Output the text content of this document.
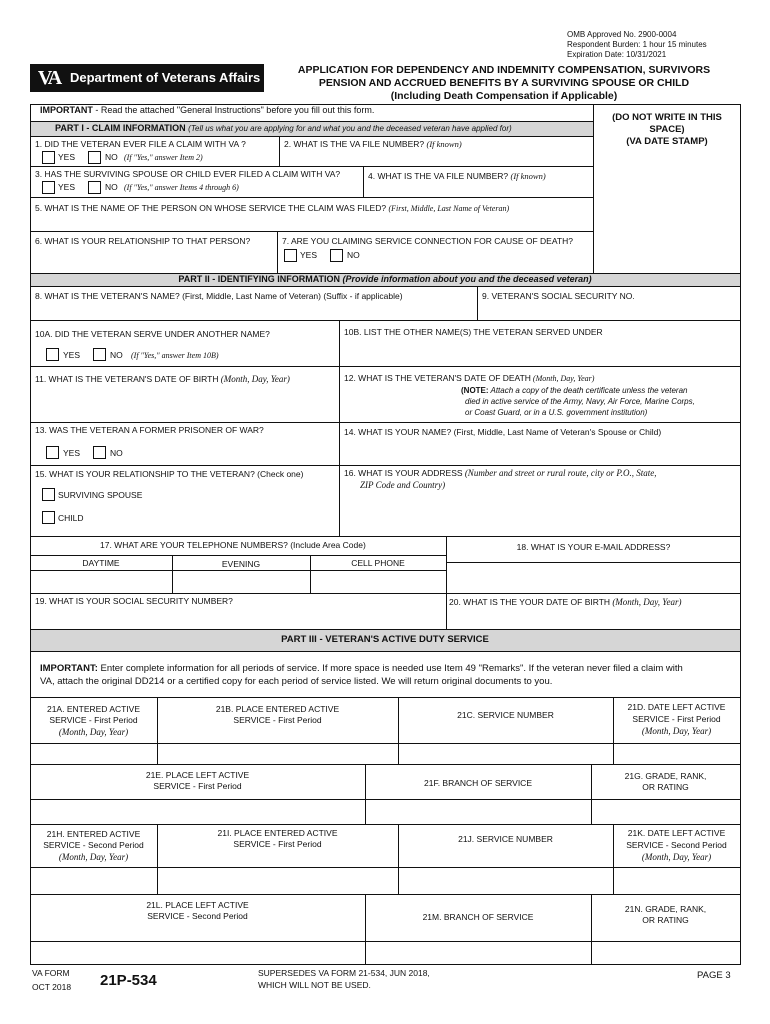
OMB Approved No. 2900-0004
Respondent Burden: 1 hour 15 minutes
Expiration Date: 10/31/2021
VA Department of Veterans Affairs	APPLICATION FOR DEPENDENCY AND INDEMNITY COMPENSATION, SURVIVORS
PENSION AND ACCRUED BENEFITS BY A SURVIVING SPOUSE OR CHILD
(Including Death Compensation if Applicable)
IMPORTANT - Read the attached "General Instructions" before you fill out this form.
(DO NOT WRITE IN THIS
SPACE)
(VA DATE STAMP)
PART I - CLAIM INFORMATION (Tell us what you are applying for and what you and the deceased veteran have applied for)
1. DID THE VETERAN EVER FILE A CLAIM WITH VA ?
YES	NO (If "Yes," answer Item 2)
2. WHAT IS THE VA FILE NUMBER? (If known)
3. HAS THE SURVIVING SPOUSE OR CHILD EVER FILED A CLAIM WITH VA?
YES	NO (If "Yes," answer Items 4 through 6)
4. WHAT IS THE VA FILE NUMBER? (If known)
5. WHAT IS THE NAME OF THE PERSON ON WHOSE SERVICE THE CLAIM WAS FILED? (First, Middle, Last Name of Veteran)
6. WHAT IS YOUR RELATIONSHIP TO THAT PERSON?	7. ARE YOU CLAIMING SERVICE CONNECTION FOR CAUSE OF DEATH?
YES	NO
PART II - IDENTIFYING INFORMATION (Provide information about you and the deceased veteran)
8. WHAT IS THE VETERAN'S NAME? (First, Middle, Last Name of Veteran) (Suffix - if applicable)	9. VETERAN'S SOCIAL SECURITY NO.
10A. DID THE VETERAN SERVE UNDER ANOTHER NAME?
YES	NO (If "Yes," answer Item 10B)
10B. LIST THE OTHER NAME(S) THE VETERAN SERVED UNDER
11. WHAT IS THE VETERAN'S DATE OF BIRTH (Month, Day, Year)	12. WHAT IS THE VETERAN'S DATE OF DEATH (Month, Day, Year)
(NOTE: Attach a copy of the death certificate unless the veteran
died in active service of the Army, Navy, Air Force, Marine Corps,
or Coast Guard, or in a U.S. government institution)
13. WAS THE VETERAN A FORMER PRISONER OF WAR?
YES	NO
14. WHAT IS YOUR NAME? (First, Middle, Last Name of Veteran's Spouse or Child)
15. WHAT IS YOUR RELATIONSHIP TO THE VETERAN? (Check one)
SURVIVING SPOUSE
CHILD
16. WHAT IS YOUR ADDRESS (Number and street or rural route, city or P.O., State,
ZIP Code and Country)
17. WHAT ARE YOUR TELEPHONE NUMBERS? (Include Area Code)
DAYTIME	EVENING	CELL PHONE
18. WHAT IS YOUR E-MAIL ADDRESS?
19. WHAT IS YOUR SOCIAL SECURITY NUMBER?	20. WHAT IS THE YOUR DATE OF BIRTH (Month, Day, Year)
PART III - VETERAN'S ACTIVE DUTY SERVICE
IMPORTANT: Enter complete information for all periods of service. If more space is needed use Item 49 "Remarks". If the veteran never filed a claim with
VA, attach the original DD214 or a certified copy for each period of service listed. We will return original documents to you.
21A. ENTERED ACTIVE
SERVICE - First Period
(Month, Day, Year)
21B. PLACE ENTERED ACTIVE
SERVICE - First Period	21C. SERVICE NUMBER
21D. DATE LEFT ACTIVE
SERVICE - First Period
(Month, Day, Year)
21E. PLACE LEFT ACTIVE
SERVICE - First Period	21F. BRANCH OF SERVICE
21G. GRADE, RANK,
OR RATING
21H. ENTERED ACTIVE
SERVICE - Second Period
(Month, Day, Year)
21I. PLACE ENTERED ACTIVE
SERVICE - First Period	21J. SERVICE NUMBER
21K. DATE LEFT ACTIVE
SERVICE - Second Period
(Month, Day, Year)
21L. PLACE LEFT ACTIVE
SERVICE - Second Period	21M. BRANCH OF SERVICE
21N. GRADE, RANK,
OR RATING
VA FORM
OCT 2018 21P-534	SUPERSEDES VA FORM 21-534, JUN 2018,
WHICH WILL NOT BE USED.
PAGE 3
